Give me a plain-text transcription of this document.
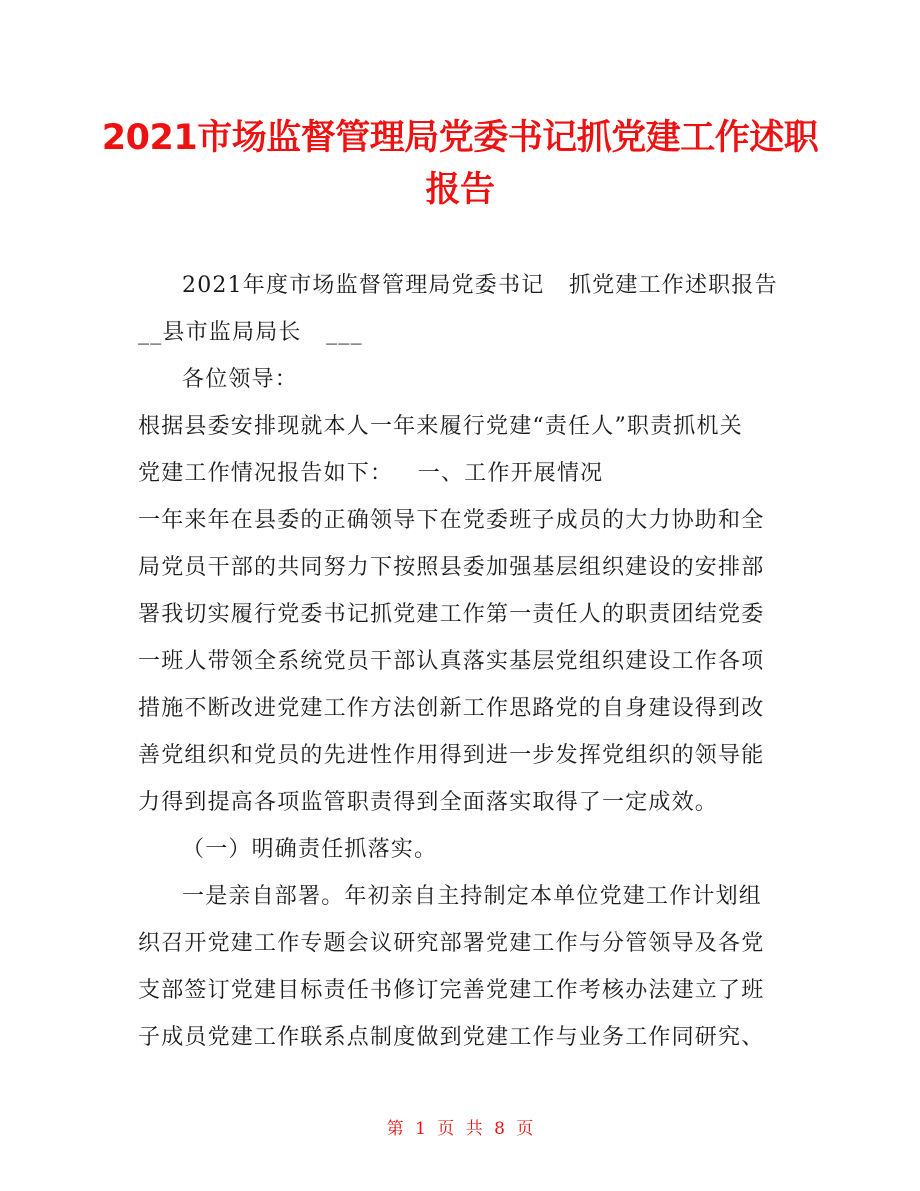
2021市场监督管理局党委书记抓党建工作述职
报告
2021年度市场监督管理局党委书记   抓党建工作述职报告
__县市监局局长   ___
各位领导：
根据县委安排现就本人一年来履行党建“责任人”职责抓机关
党建工作情况报告如下：   一、工作开展情况
一年来年在县委的正确领导下在党委班子成员的大力协助和全
局党员干部的共同努力下按照县委加强基层组织建设的安排部
署我切实履行党委书记抓党建工作第一责任人的职责团结党委
一班人带领全系统党员干部认真落实基层党组织建设工作各项
措施不断改进党建工作方法创新工作思路党的自身建设得到改
善党组织和党员的先进性作用得到进一步发挥党组织的领导能
力得到提高各项监管职责得到全面落实取得了一定成效。
（一）明确责任抓落实。
一是亲自部署。年初亲自主持制定本单位党建工作计划组
织召开党建工作专题会议研究部署党建工作与分管领导及各党
支部签订党建目标责任书修订完善党建工作考核办法建立了班
子成员党建工作联系点制度做到党建工作与业务工作同研究、
第 1 页 共 8 页
